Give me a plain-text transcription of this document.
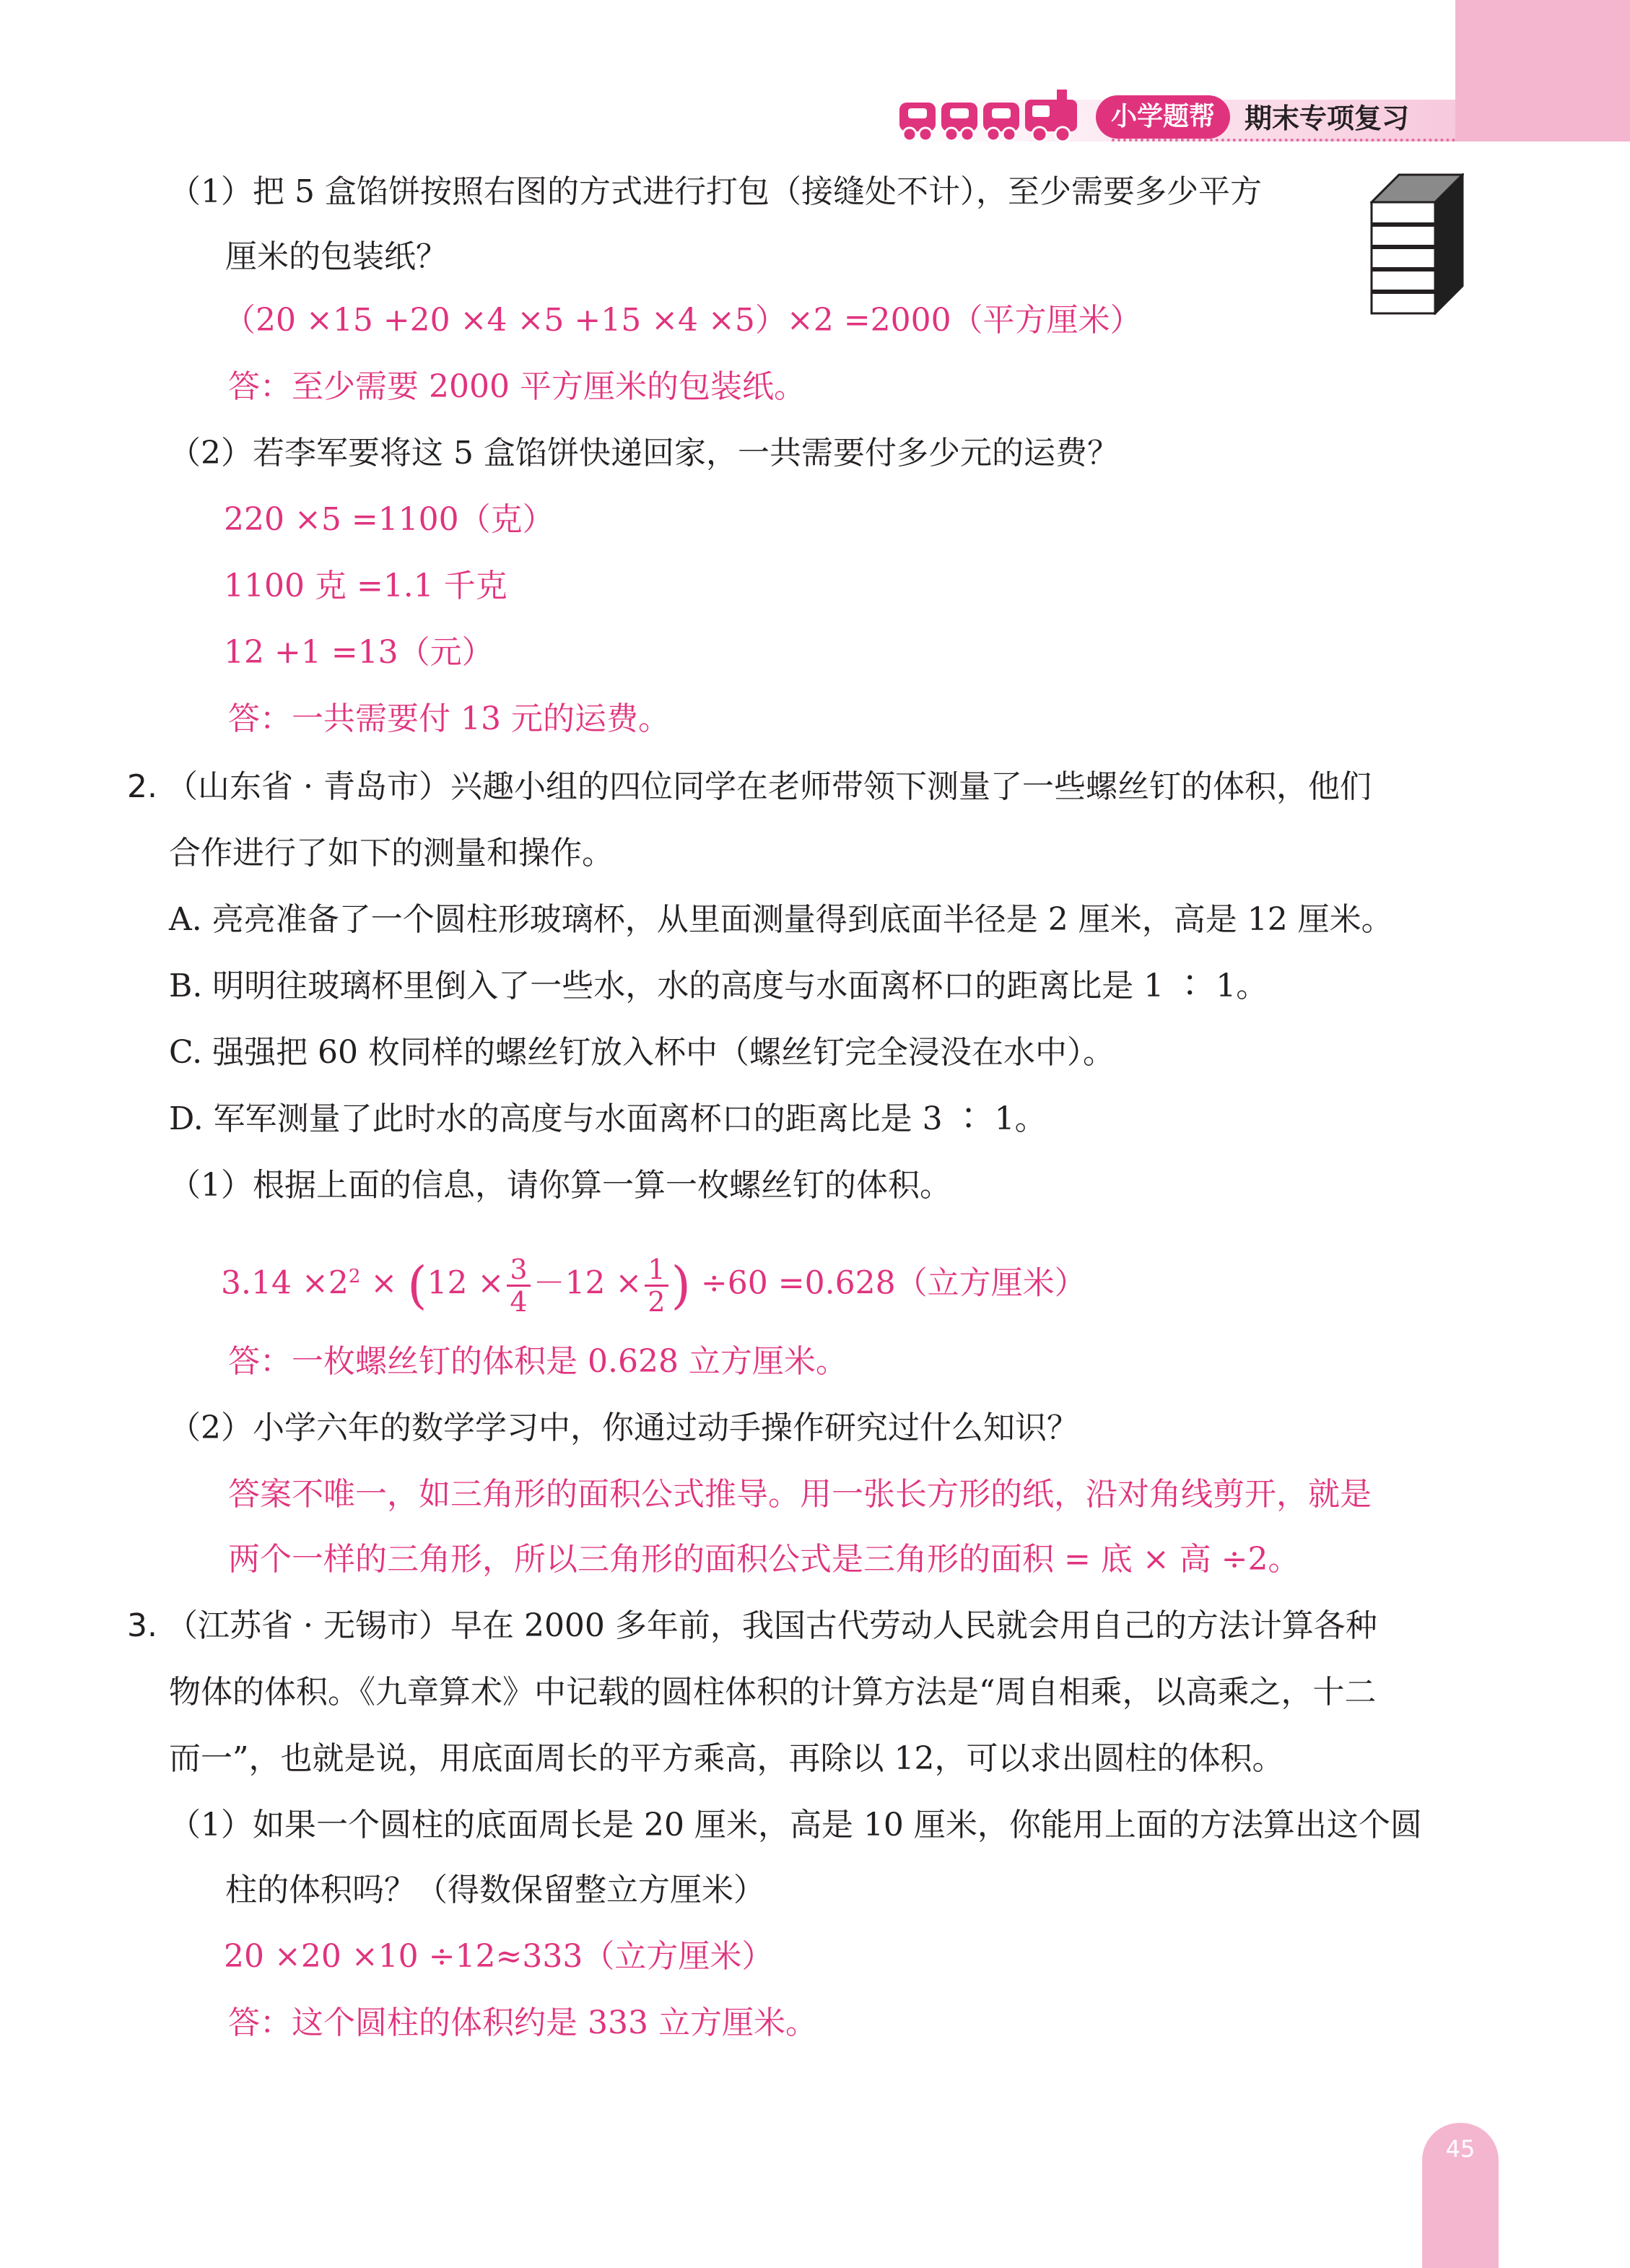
小学题帮	期末专项复习
（1）把 5 盒馅饼按照右图的方式进行打包（接缝处不计），至少需要多少平方
厘米的包装纸？
（20 ×15 +20 ×4 ×5 +15 ×4 ×5）×2 =2000（平方厘米）
答：至少需要 2000 平方厘米的包装纸。
（2）若李军要将这 5 盒馅饼快递回家，一共需要付多少元的运费？
220 ×5 =1100（克）
1100 克 =1.1 千克
12 +1 =13（元）
答：一共需要付 13 元的运费。
2. （山东省 · 青岛市）兴趣小组的四位同学在老师带领下测量了一些螺丝钉的体积，他们
合作进行了如下的测量和操作。
A. 亮亮准备了一个圆柱形玻璃杯，从里面测量得到底面半径是 2 厘米，高是 12 厘米。
B. 明明往玻璃杯里倒入了一些水，水的高度与水面离杯口的距离比是 1 ∶ 1。
C. 强强把 60 枚同样的螺丝钉放入杯中（螺丝钉完全浸没在水中）。
D. 军军测量了此时水的高度与水面离杯口的距离比是 3 ∶ 1。
（1）根据上面的信息，请你算一算一枚螺丝钉的体积。
$3.14 \times 2^2 \times (12 \times \frac{3}{4} -12 \times \frac{1}{2}$ ) ÷60 =0.628（立方厘米）
答：一枚螺丝钉的体积是 0.628 立方厘米。
（2）小学六年的数学学习中，你通过动手操作研究过什么知识？
答案不唯一，如三角形的面积公式推导。用一张长方形的纸，沿对角线剪开，就是
两个一样的三角形，所以三角形的面积公式是三角形的面积 = 底 × 高 ÷2。
3. （江苏省 · 无锡市）早在 2000 多年前，我国古代劳动人民就会用自己的方法计算各种
物体的体积。《九章算术》中记载的圆柱体积的计算方法是“周自相乘，以高乘之，十二
而一”，也就是说，用底面周长的平方乘高，再除以 12，可以求出圆柱的体积。
（1）如果一个圆柱的底面周长是 20 厘米，高是 10 厘米，你能用上面的方法算出这个圆
柱的体积吗？（得数保留整立方厘米）
20 ×20 ×10 ÷12≈333（立方厘米）
答：这个圆柱的体积约是 333 立方厘米。
45
